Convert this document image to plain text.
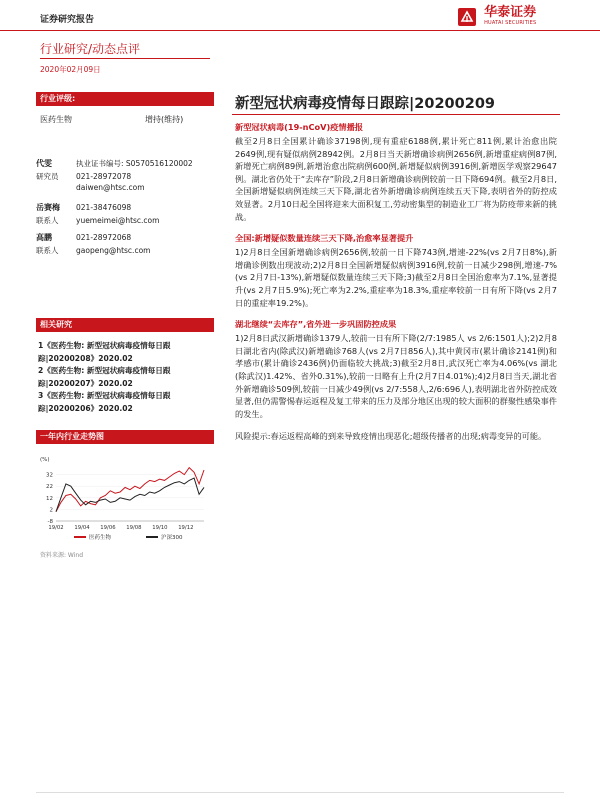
证券研究报告
	华泰证券
HUATAI SECURITIES
行业研究/动态点评
2020年02月09日
行业评级:
医药生物	增持(维持)
代雯	执业证书编号: S0570516120002
研究员 021-28972078
daiwen@htsc.com
岳赛梅 021-38476098
联系人 yuemeimei@htsc.com
高鹏	021-28972068
联系人 gaopeng@htsc.com
相关研究
1《医药生物: 新型冠状病毒疫情每日跟踪|20200208》2020.02
2《医药生物: 新型冠状病毒疫情每日跟踪|20200207》2020.02
3《医药生物: 新型冠状病毒疫情每日跟踪|20200206》2020.02
一年内行业走势图
(%)
-8
2
12
22
32
19/02 19/04 19/06 19/08 19/10 19/12
医药生物	沪深300
资料来源: Wind
新型冠状病毒疫情每日跟踪|20200209
新型冠状病毒(19-nCoV)疫情播报
截至2月8日全国累计确诊37198例,现有重症6188例,累计死亡811例,累计治愈出院2649例,现有疑似病例28942例。2月8日当天新增确诊病例2656例,新增重症病例87例,新增死亡病例89例,新增治愈出院病例600例,新增疑似病例3916例,新增医学观察29647例。湖北省仍处于“去库存”阶段,2月8日新增确诊病例较前一日下降694例。截至2月8日,全国新增疑似病例连续三天下降,湖北省外新增确诊病例连续五天下降,表明省外的防控成效显著。2月10日起全国将迎来大面积复工,劳动密集型的制造业工厂将为防疫带来新的挑战。
全国:新增疑似数量连续三天下降,治愈率显著提升
1)2月8日全国新增确诊病例2656例,较前一日下降743例,增速-22%(vs 2月7日8%),新增确诊例数出现波动;2)2月8日全国新增疑似病例3916例,较前一日减少298例,增速-7%(vs 2月7日-13%),新增疑似数量连续三天下降;3)截至2月8日全国治愈率为7.1%,显著提升(vs 2月7日5.9%);死亡率为2.2%,重症率为18.3%,重症率较前一日有所下降(vs 2月7日的重症率19.2%)。
湖北继续“去库存”,省外进一步巩固防控成果
1)2月8日武汉新增确诊1379人,较前一日有所下降(2/7:1985人 vs 2/6:1501人);2)2月8日湖北省内(除武汉)新增确诊768人(vs 2月7日856人),其中黄冈市(累计确诊2141例)和孝感市(累计确诊2436例)仍面临较大挑战;3)截至2月8日,武汉死亡率为4.06%(vs 湖北(除武汉)1.42%、省外0.31%),较前一日略有上升(2月7日4.01%);4)2月8日当天,湖北省外新增确诊509例,较前一日减少49例(vs 2/7:558人,2/6:696人),表明湖北省外防控成效显著,但仍需警惕春运返程及复工带来的压力及部分地区出现的较大面积的群聚性感染事件的发生。
风险提示:春运返程高峰的到来导致疫情出现恶化;超级传播者的出现;病毒变异的可能。
